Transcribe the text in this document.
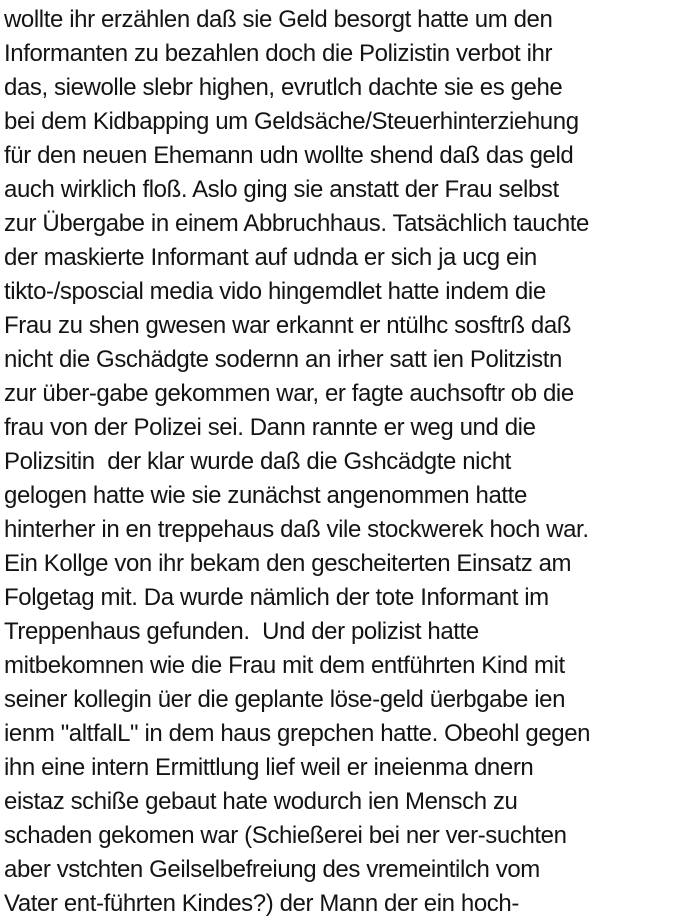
wollte ihr erzählen daß sie Geld besorgt hatte um den
Informanten zu bezahlen doch die Polizistin verbot ihr
das, siewolle slebr highen, evrutlch dachte sie es gehe
bei dem Kidbapping um Geldsäche/Steuerhinterziehung
für den neuen Ehemann udn wollte shend daß das geld
auch wirklich floß. Aslo ging sie anstatt der Frau selbst
zur Übergabe in einem Abbruchhaus. Tatsächlich tauchte
der maskierte Informant auf udnda er sich ja ucg ein
tikto-/sposcial media vido hingemdlet hatte indem die
Frau zu shen gwesen war erkannt er ntülhc sosftrß daß
nicht die Gschädgte sodernn an irher satt ien Politzistn
zur über-gabe gekommen war, er fagte auchsoftr ob die
frau von der Polizei sei. Dann rannte er weg und die
Polizsitin  der klar wurde daß die Gshcädgte nicht
gelogen hatte wie sie zunächst angenommen hatte
hinterher in en treppehaus daß vile stockwerek hoch war.
Ein Kollge von ihr bekam den gescheiterten Einsatz am
Folgetag mit. Da wurde nämlich der tote Informant im
Treppenhaus gefunden.  Und der polizist hatte
mitbekomnen wie die Frau mit dem entführten Kind mit
seiner kollegin üer die geplante löse-geld üerbgabe ien
ienm "altfalL" in dem haus grepchen hatte. Obeohl gegen
ihn eine intern Ermittlung lief weil er ineienma dnern
eistaz schiße gebaut hate wodurch ien Mensch zu
schaden gekomen war (Schießerei bei ner ver-suchten
aber vstchten Geilselbefreiung des vremeintilch vom
Vater ent-führten Kindes?) der Mann der ein hoch-
